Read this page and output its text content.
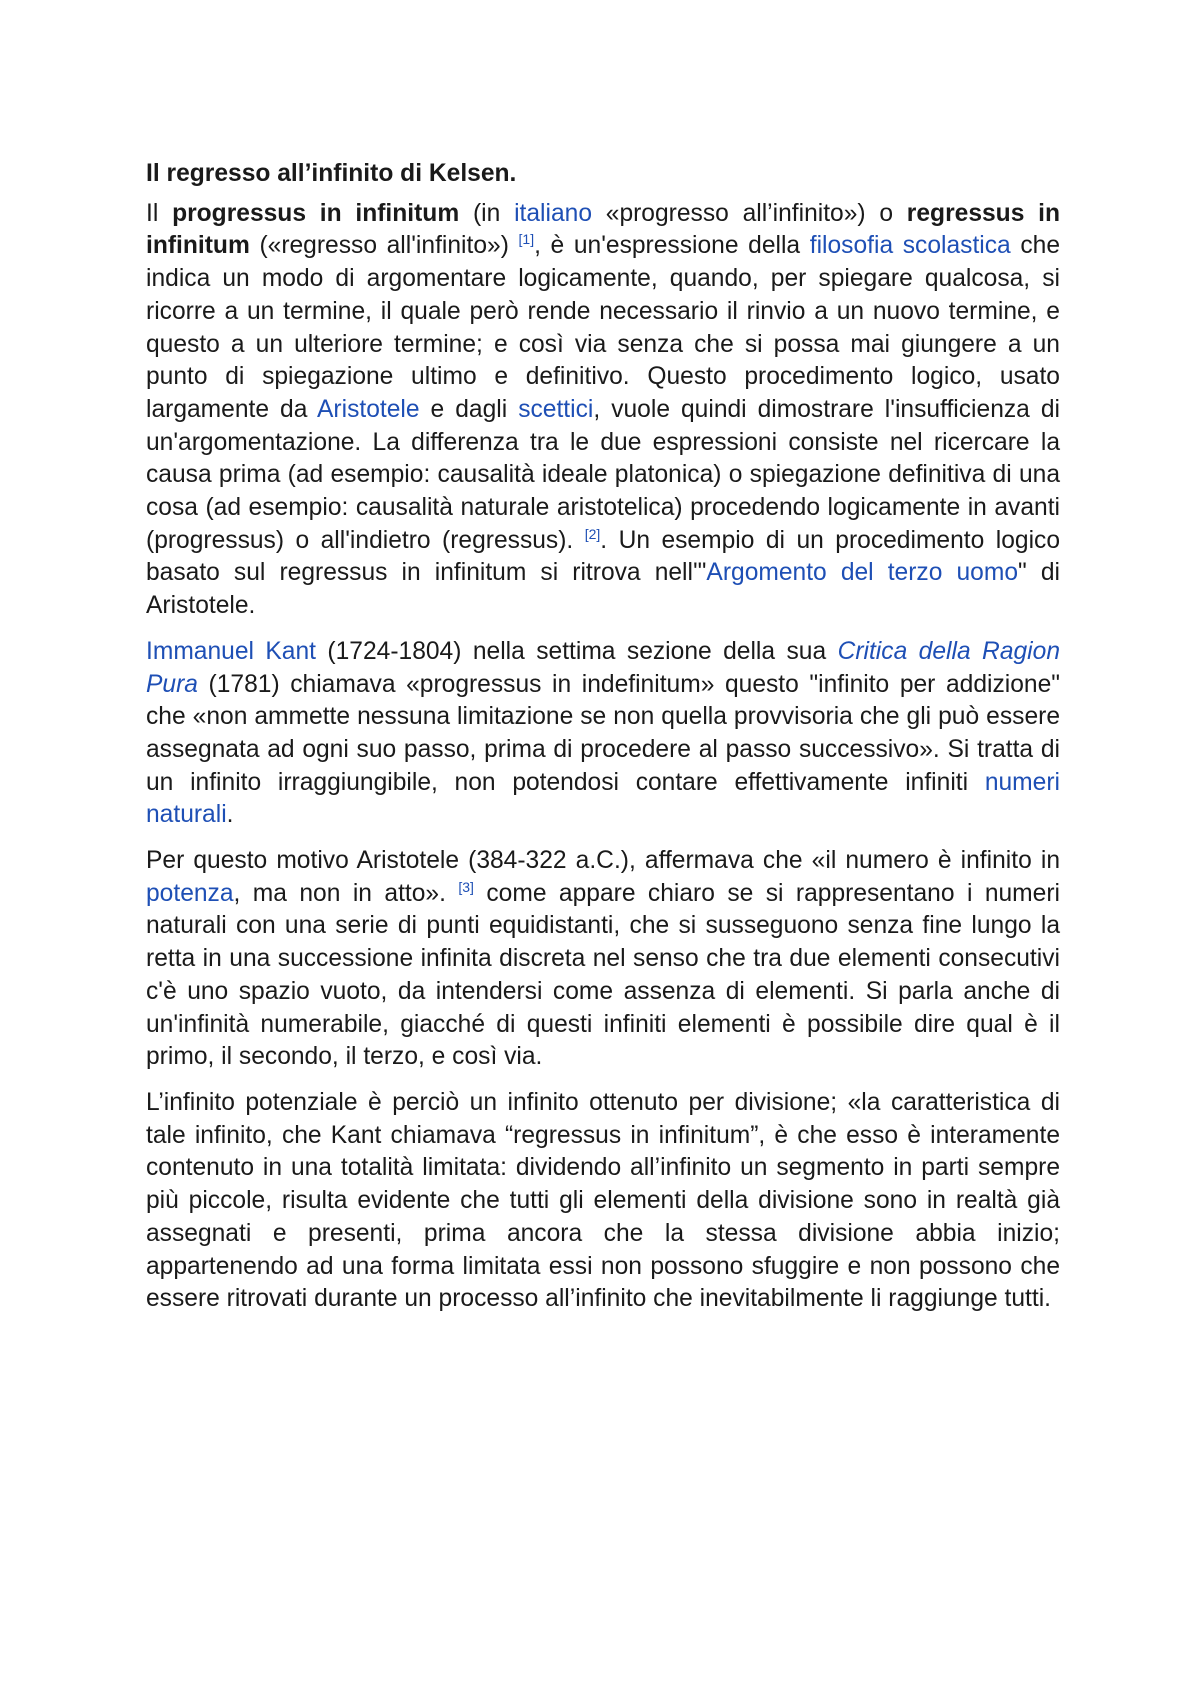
Il regresso all’infinito di Kelsen.

Il progressus in infinitum (in italiano «progresso all’infinito») o regressus in infinitum («regresso all'infinito») [1], è un'espressione della filosofia scolastica che indica un modo di argomentare logicamente, quando, per spiegare qualcosa, si ricorre a un termine, il quale però rende necessario il rinvio a un nuovo termine, e questo a un ulteriore termine; e così via senza che si possa mai giungere a un punto di spiegazione ultimo e definitivo. Questo procedimento logico, usato largamente da Aristotele e dagli scettici, vuole quindi dimostrare l'insufficienza di un'argomentazione. La differenza tra le due espressioni consiste nel ricercare la causa prima (ad esempio: causalità ideale platonica) o spiegazione definitiva di una cosa (ad esempio: causalità naturale aristotelica) procedendo logicamente in avanti (progressus) o all'indietro (regressus). [2]. Un esempio di un procedimento logico basato sul regressus in infinitum si ritrova nell'"Argomento del terzo uomo" di Aristotele.

Immanuel Kant (1724-1804) nella settima sezione della sua Critica della Ragion Pura (1781) chiamava «progressus in indefinitum» questo "infinito per addizione" che «non ammette nessuna limitazione se non quella provvisoria che gli può essere assegnata ad ogni suo passo, prima di procedere al passo successivo». Si tratta di un infinito irraggiungibile, non potendosi contare effettivamente infiniti numeri naturali.

Per questo motivo Aristotele (384-322 a.C.), affermava che «il numero è infinito in potenza, ma non in atto». [3] come appare chiaro se si rappresentano i numeri naturali con una serie di punti equidistanti, che si susseguono senza fine lungo la retta in una successione infinita discreta nel senso che tra due elementi consecutivi c'è uno spazio vuoto, da intendersi come assenza di elementi. Si parla anche di un'infinità numerabile, giacché di questi infiniti elementi è possibile dire qual è il primo, il secondo, il terzo, e così via.

L’infinito potenziale è perciò un infinito ottenuto per divisione; «la caratteristica di tale infinito, che Kant chiamava “regressus in infinitum”, è che esso è interamente contenuto in una totalità limitata: dividendo all’infinito un segmento in parti sempre più piccole, risulta evidente che tutti gli elementi della divisione sono in realtà già assegnati e presenti, prima ancora che la stessa divisione abbia inizio; appartenendo ad una forma limitata essi non possono sfuggire e non possono che essere ritrovati durante un processo all’infinito che inevitabilmente li raggiunge tutti.
